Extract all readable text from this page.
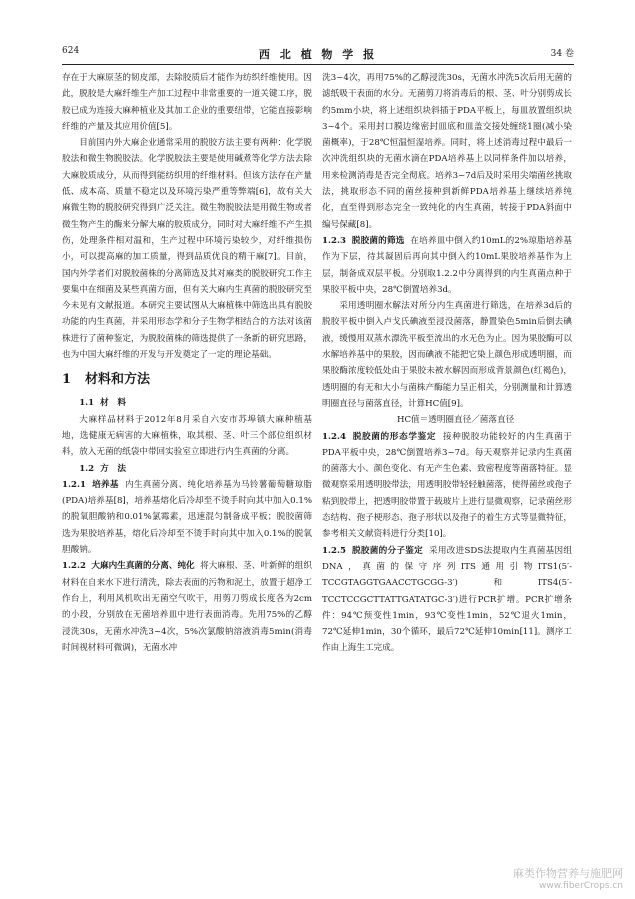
624	西 北 植 物 学 报	34 卷

存在于大麻原茎的韧皮部，去除胶质后才能作为纺织纤维使用。因此，脱胶是大麻纤维生产加工过程中非常重要的一道关键工序，脱胶已成为连接大麻种植业及其加工企业的重要纽带，它能直接影响纤维的产量及其应用价值[5]。

目前国内外大麻企业通常采用的脱胶方法主要有两种：化学脱胶法和微生物脱胶法。化学脱胶法主要是使用碱煮等化学方法去除大麻胶质成分，从而得到能纺织用的纤维材料。但该方法存在产量低、成本高、质量不稳定以及环境污染严重等弊端[6]，故有关大麻微生物的脱胶研究得到广泛关注。微生物脱胶法是用微生物或者微生物产生的酶来分解大麻的胶质成分，同时对大麻纤维不产生损伤，处理条件相对温和，生产过程中环境污染较少，对纤维损伤小，可以提高麻的加工质量，得到品质优良的精干麻[7]。目前，国内外学者们对脱胶菌株的分离筛选及其对麻类的脱胶研究工作主要集中在细菌及某些真菌方面，但有关大麻内生真菌的脱胶研究至今未见有文献报道。本研究主要试图从大麻植株中筛选出具有脱胶功能的内生真菌，并采用形态学和分子生物学相结合的方法对该菌株进行了菌种鉴定，为脱胶菌株的筛选提供了一条新的研究思路，也为中国大麻纤维的开发与开发奠定了一定的理论基础。

1 材料和方法

1.1 材　料

大麻样品材料于2012年8月采自六安市苏埠镇大麻种植基地，选健康无病害的大麻植株，取其根、茎、叶三个部位组织材料，放入无菌的纸袋中带回实验室立即进行内生真菌的分离。

1.2 方　法

1.2.1 培养基 内生真菌分离、纯化培养基为马铃薯葡萄糖琼脂(PDA)培养基[8]，培养基熔化后冷却至不烫手时向其中加入0.1%的脱氧胆酸钠和0.01%氯霉素，迅速混匀制备成平板；脱胶菌筛选为果胶培养基，熔化后冷却至不烫手时向其中加入0.1%的脱氧胆酸钠。

1.2.2 大麻内生真菌的分离、纯化 将大麻根、茎、叶新鲜的组织材料在自来水下进行清洗，除去表面的污物和泥土，放置于超净工作台上，利用风机吹出无菌空气吹干，用剪刀剪成长度各为2cm的小段，分别放在无菌培养皿中进行表面消毒。先用75%的乙醇浸洗30s，无菌水冲洗3~4次，5%次氯酸钠溶液消毒5min(消毒时间视材料可微调)，无菌水冲

洗3~4次，再用75%的乙醇浸洗30s，无菌水冲洗5次后用无菌的滤纸吸干表面的水分。无菌剪刀将消毒后的根、茎、叶分别剪成长约5mm小块，将上述组织块斜插于PDA平板上，每皿放置组织块3~4个。采用封口膜边缘密封皿底和皿盖交接处缠绕1圈(减小染菌概率)，于28℃恒温恒湿培养。同时，将上述消毒过程中最后一次冲洗组织块的无菌水滴在PDA培养基上以同样条件加以培养，用来检测消毒是否完全彻底。培养3~7d后及时采用尖端菌丝挑取法，挑取形态不同的菌丝接种到新鲜PDA培养基上继续培养纯化，直至得到形态完全一致纯化的内生真菌，转接于PDA斜面中编号保藏[8]。

1.2.3 脱胶菌的筛选 在培养皿中倒入约10mL的2%琼脂培养基作为下层，待其凝固后再向其中倒入约10mL果胶培养基作为上层，制备成双层平板。分别取1.2.2中分离得到的内生真菌点种于果胶平板中央，28℃倒置培养3d。

采用透明圈水解法对所分内生真菌进行筛选，在培养3d后的脱胶平板中倒入卢戈氏碘液至浸没菌落，静置染色5min后倒去碘液，缓慢用双蒸水漂洗平板至流出的水无色为止。因为果胶酶可以水解培养基中的果胶，因而碘液不能把它染上颜色形成透明圈，而果胶酶浓度较低处由于果胶未被水解因而形成背景颜色(红褐色)，透明圈的有无和大小与菌株产酶能力呈正相关，分别测量和计算透明圈直径与菌落直径，计算HC值[9]。

HC值＝透明圈直径／菌落直径

1.2.4 脱胶菌的形态学鉴定 接种脱胶功能较好的内生真菌于PDA平板中央，28℃倒置培养3~7d。每天观察并记录内生真菌的菌落大小、颜色变化、有无产生色素、致密程度等菌落特征。显微观察采用透明胶带法，用透明胶带轻轻触菌落，使得菌丝或孢子粘到胶带上，把透明胶带置于载玻片上进行显微观察，记录菌丝形态结构、孢子梗形态、孢子形状以及孢子的着生方式等显微特征，参考相关文献资料进行分类[10]。

1.2.5 脱胶菌的分子鉴定 采用改进SDS法提取内生真菌基因组DNA，真菌的保守序列ITS通用引物ITS1(5′-TCCGTAGGTGAACCTGCGG-3′)和ITS4(5′-TCCTCCGCTTATTGATATGC-3′)进行PCR扩增。PCR扩增条件：94℃预变性1min，93℃变性1min，52℃退火1min，72℃延伸1min，30个循环，最后72℃延伸10min[11]。测序工作由上海生工完成。

麻类作物营养与施肥网
www.fiberCrops.cn
